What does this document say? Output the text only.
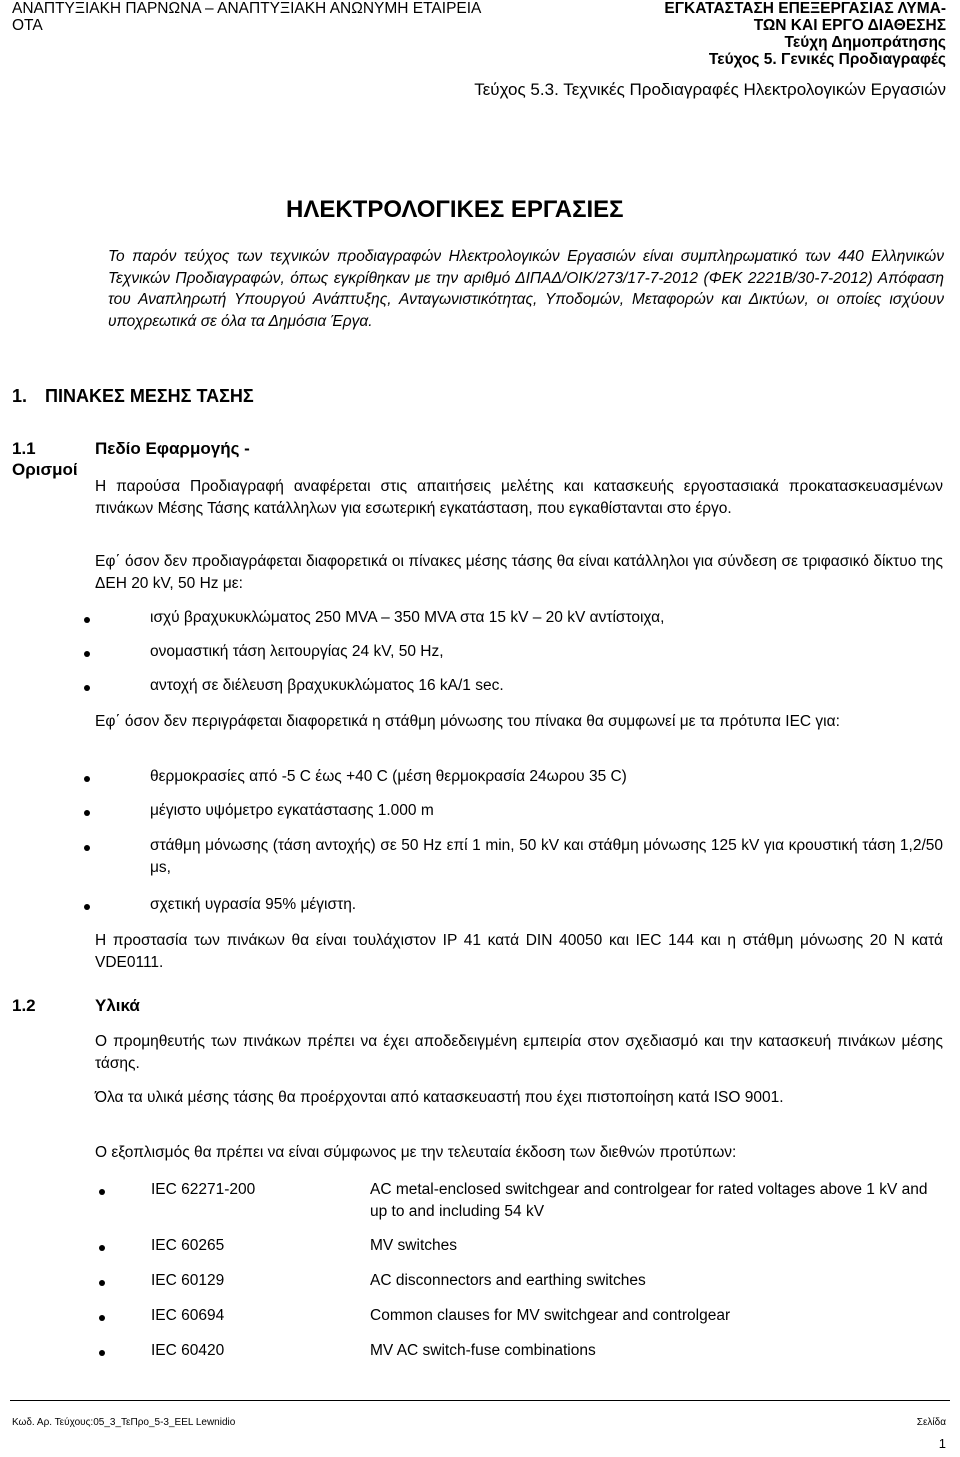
ΑΝΑΠΤΥΞΙΑΚΗ ΠΑΡΝΩΝΑ – ΑΝΑΠΤΥΞΙΑΚΗ ΑΝΩΝΥΜΗ ΕΤΑΙΡΕΙΑ
ΟΤΑ
ΕΓΚΑΤΑΣΤΑΣΗ ΕΠΕΞΕΡΓΑΣΙΑΣ ΛΥΜΑ-
ΤΩΝ ΚΑΙ ΕΡΓΟ ΔΙΑΘΕΣΗΣ
Τεύχη Δημοπράτησης
Τεύχος 5. Γενικές Προδιαγραφές
Τεύχος 5.3. Τεχνικές Προδιαγραφές Ηλεκτρολογικών Εργασιών
ΗΛΕΚΤΡΟΛΟΓΙΚΕΣ ΕΡΓΑΣΙΕΣ
Το παρόν τεύχος των τεχνικών προδιαγραφών Ηλεκτρολογικών Εργασιών είναι συμπληρωματικό των 440 Ελληνικών Τεχνικών Προδιαγραφών, όπως εγκρίθηκαν με την αριθμό ΔΙΠΑΔ/ΟΙΚ/273/17-7-2012 (ΦΕΚ 2221Β/30-7-2012) Απόφαση του Αναπληρωτή Υπουργού Ανάπτυξης, Ανταγωνιστικότητας, Υποδομών, Μεταφορών και Δικτύων, οι οποίες ισχύουν υποχρεωτικά σε όλα τα Δημόσια Έργα.
1. ΠΙΝΑΚΕΣ ΜΕΣΗΣ ΤΑΣΗΣ
1.1	Πεδίο Εφαρμογής - Ορισμοί
Η παρούσα Προδιαγραφή αναφέρεται στις απαιτήσεις μελέτης και κατασκευής εργοστασιακά προκατασκευασμένων πινάκων Μέσης Τάσης κατάλληλων για εσωτερική εγκατάσταση, που εγκαθίστανται στο έργο.
Εφ΄ όσον δεν προδιαγράφεται διαφορετικά οι πίνακες μέσης τάσης θα είναι κατάλληλοι για σύνδεση σε τριφασικό δίκτυο της ΔΕΗ 20 kV, 50 Hz με:
ισχύ βραχυκυκλώματος 250 MVA – 350 MVA στα 15 kV – 20 kV αντίστοιχα,
ονομαστική τάση λειτουργίας 24 kV, 50 Hz,
αντοχή σε διέλευση βραχυκυκλώματος 16 kA/1 sec.
Εφ΄ όσον δεν περιγράφεται διαφορετικά η στάθμη μόνωσης του πίνακα θα συμφωνεί με τα πρότυπα IEC για:
θερμοκρασίες από -5 C έως +40 C (μέση θερμοκρασία 24ωρου 35 C)
μέγιστο υψόμετρο εγκατάστασης 1.000 m
στάθμη μόνωσης (τάση αντοχής) σε 50 Hz επί 1 min, 50 kV και στάθμη μόνωσης 125 kV για κρουστική τάση 1,2/50 μs,
σχετική υγρασία 95% μέγιστη.
Η προστασία των πινάκων θα είναι τουλάχιστον IP 41 κατά DIN 40050 και IEC 144 και η στάθμη μόνωσης 20 N κατά VDE0111.
1.2	Υλικά
Ο προμηθευτής των πινάκων πρέπει να έχει αποδεδειγμένη εμπειρία στον σχεδιασμό και την κατασκευή πινάκων μέσης τάσης.
Όλα τα υλικά μέσης τάσης θα προέρχονται από κατασκευαστή που έχει πιστοποίηση κατά ISO 9001.
Ο εξοπλισμός θα πρέπει να είναι σύμφωνος με την τελευταία έκδοση των διεθνών προτύπων:
IEC 62271-200	AC metal-enclosed switchgear and controlgear for rated voltages above 1 kV and up to and including 54 kV
IEC 60265	MV switches
IEC 60129	AC disconnectors and earthing switches
IEC 60694	Common clauses for MV switchgear and controlgear
IEC 60420	MV AC switch-fuse combinations
Κωδ. Αρ. Τεύχους:05_3_ΤεΠρο_5-3_EEL Lewnidio	Σελίδα
1
